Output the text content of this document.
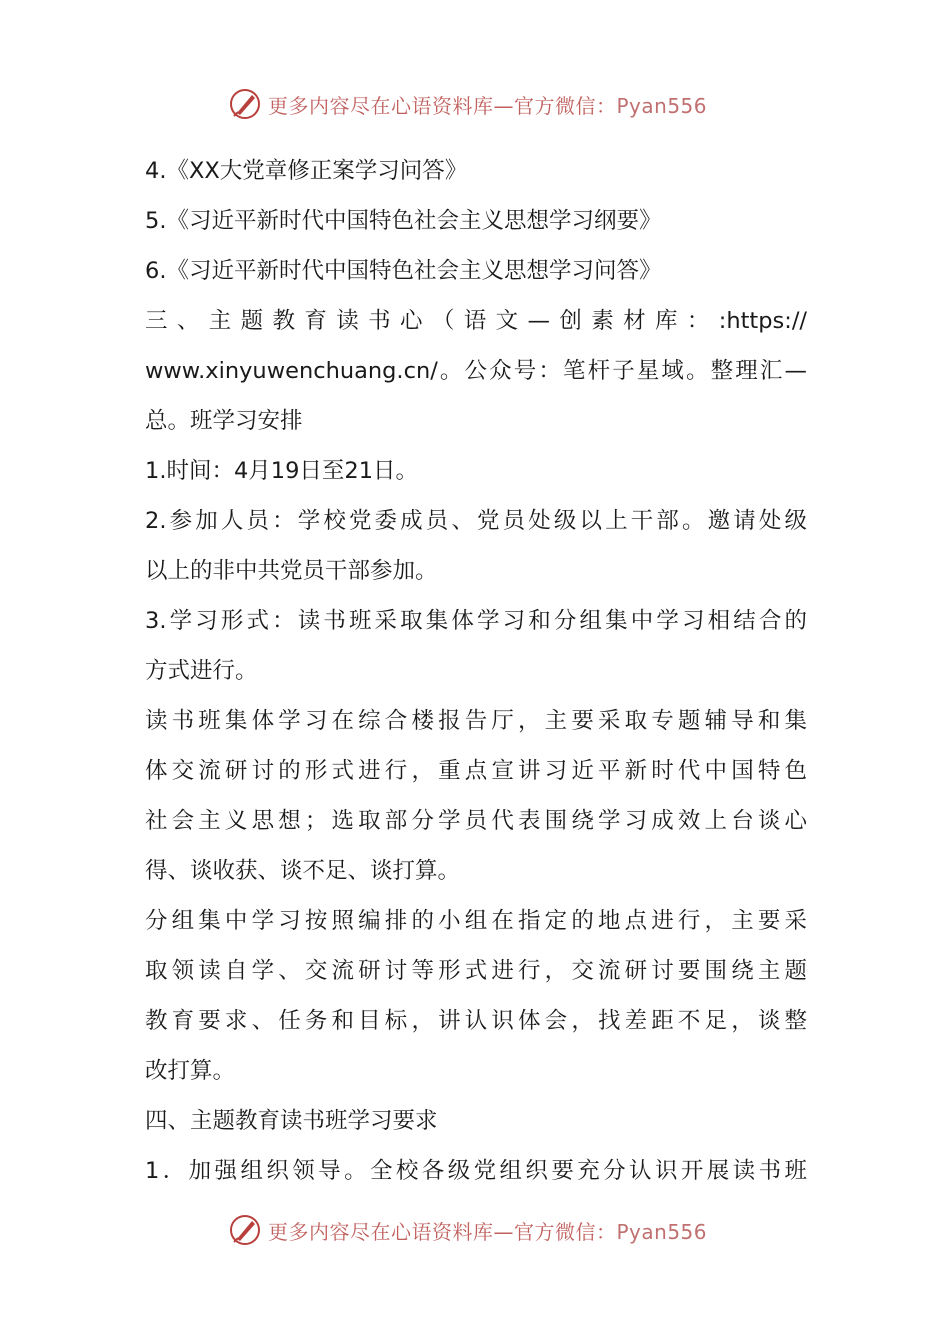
更多内容尽在心语资料库—官方微信：Pyan556
4.《XX大党章修正案学习问答》
5.《习近平新时代中国特色社会主义思想学习纲要》
6.《习近平新时代中国特色社会主义思想学习问答》
三、主题教育读书心（语文—创素材库：:https://
www.xinyuwenchuang.cn/。公众号：笔杆子星域。整理汇—
总。班学习安排
1.时间：4月19日至21日。
2.参加人员：学校党委成员、党员处级以上干部。邀请处级
以上的非中共党员干部参加。
3.学习形式：读书班采取集体学习和分组集中学习相结合的
方式进行。
读书班集体学习在综合楼报告厅，主要采取专题辅导和集
体交流研讨的形式进行，重点宣讲习近平新时代中国特色
社会主义思想；选取部分学员代表围绕学习成效上台谈心
得、谈收获、谈不足、谈打算。
分组集中学习按照编排的小组在指定的地点进行，主要采
取领读自学、交流研讨等形式进行，交流研讨要围绕主题
教育要求、任务和目标，讲认识体会，找差距不足，谈整
改打算。
四、主题教育读书班学习要求
1．加强组织领导。全校各级党组织要充分认识开展读书班
更多内容尽在心语资料库—官方微信：Pyan556
